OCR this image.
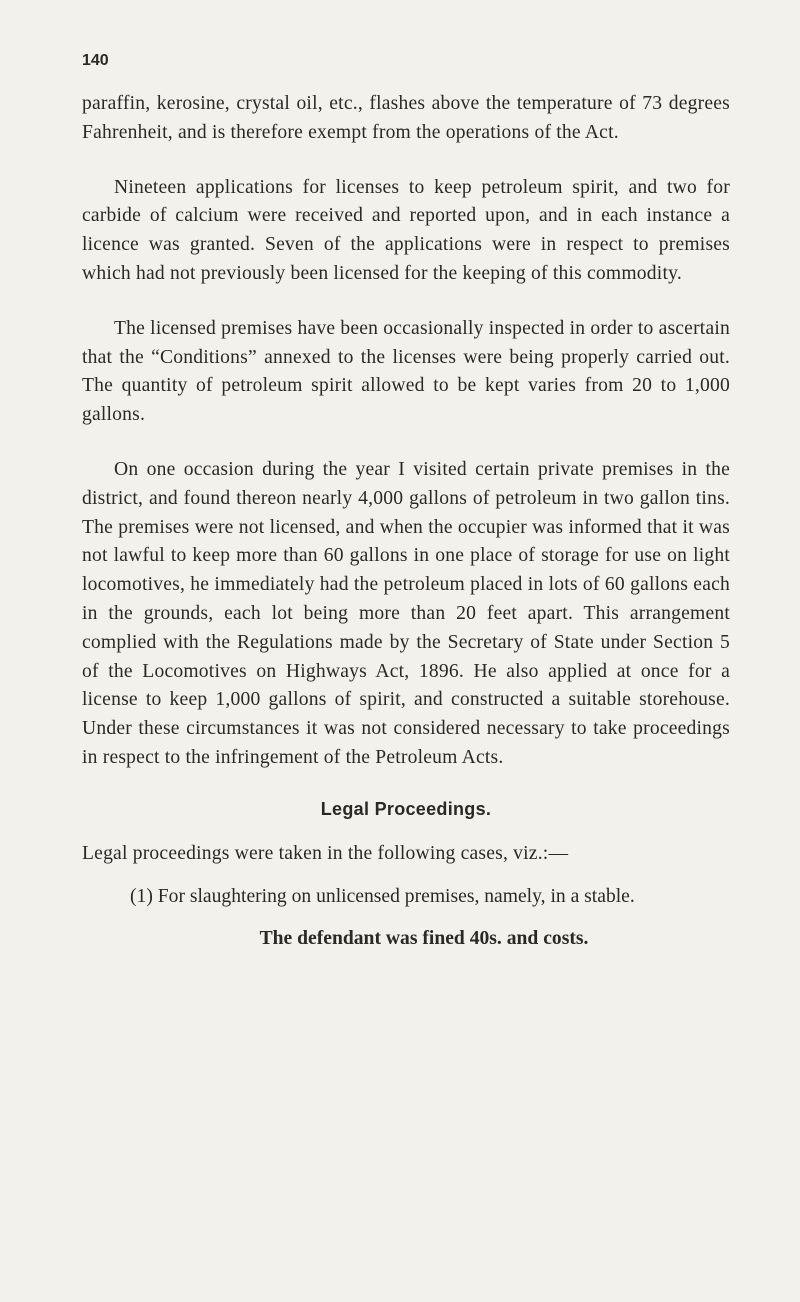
140

paraffin, kerosine, crystal oil, etc., flashes above the temperature of 73 degrees Fahrenheit, and is therefore exempt from the operations of the Act.

Nineteen applications for licenses to keep petroleum spirit, and two for carbide of calcium were received and reported upon, and in each instance a licence was granted. Seven of the applications were in respect to premises which had not previously been licensed for the keeping of this commodity.

The licensed premises have been occasionally inspected in order to ascertain that the “Conditions” annexed to the licenses were being properly carried out. The quantity of petroleum spirit allowed to be kept varies from 20 to 1,000 gallons.

On one occasion during the year I visited certain private premises in the district, and found thereon nearly 4,000 gallons of petroleum in two gallon tins. The premises were not licensed, and when the occupier was informed that it was not lawful to keep more than 60 gallons in one place of storage for use on light locomotives, he immediately had the petroleum placed in lots of 60 gallons each in the grounds, each lot being more than 20 feet apart. This arrangement complied with the Regulations made by the Secretary of State under Section 5 of the Locomotives on Highways Act, 1896. He also applied at once for a license to keep 1,000 gallons of spirit, and constructed a suitable storehouse. Under these circumstances it was not considered necessary to take proceedings in respect to the infringement of the Petroleum Acts.

Legal Proceedings.

Legal proceedings were taken in the following cases, viz.:—

(1) For slaughtering on unlicensed premises, namely, in a stable.

The defendant was fined 40s. and costs.
